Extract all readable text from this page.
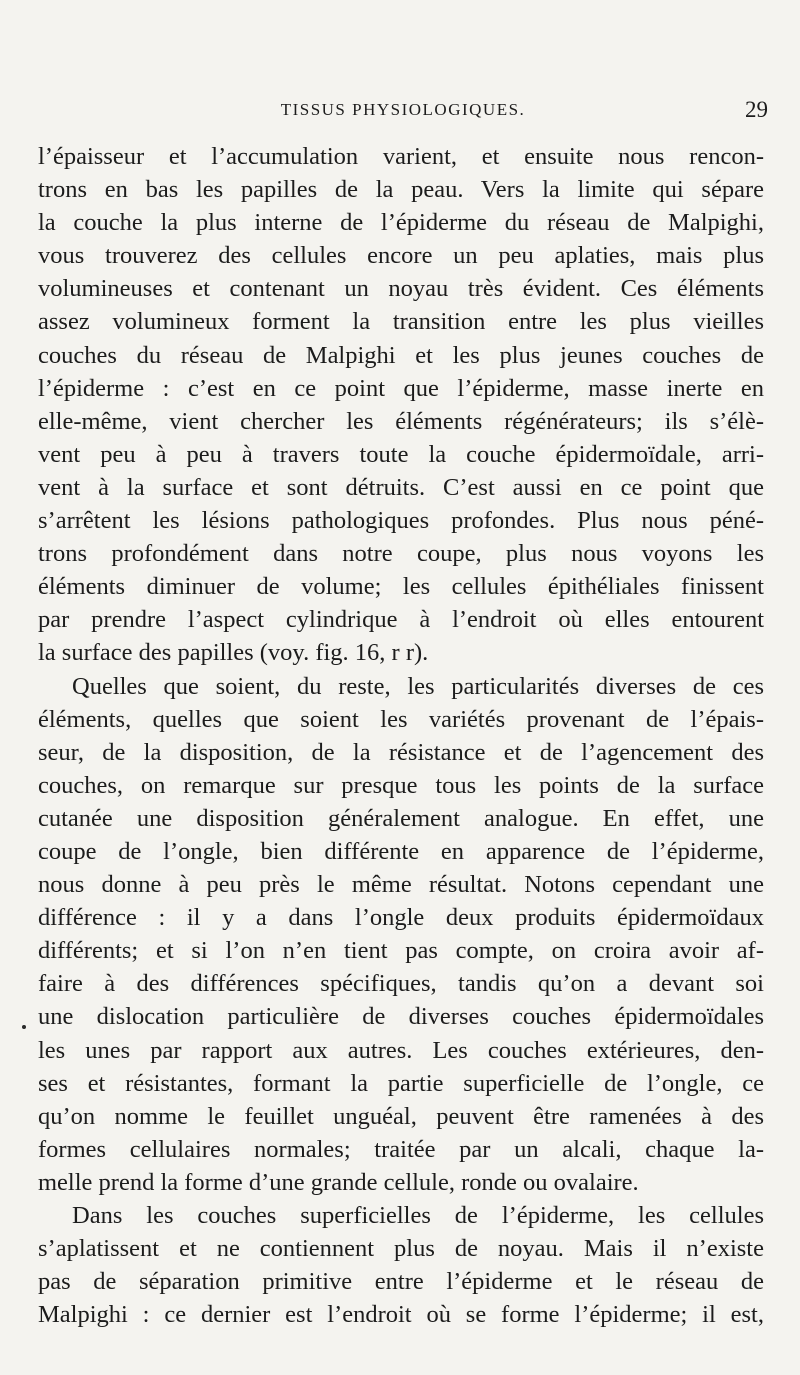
TISSUS PHYSIOLOGIQUES.	29
l’épaisseur et l’accumulation varient, et ensuite nous rencon-
trons en bas les papilles de la peau. Vers la limite qui sépare
la couche la plus interne de l’épiderme du réseau de Malpighi,
vous trouverez des cellules encore un peu aplaties, mais plus
volumineuses et contenant un noyau très évident. Ces éléments
assez volumineux forment la transition entre les plus vieilles
couches du réseau de Malpighi et les plus jeunes couches de
l’épiderme : c’est en ce point que l’épiderme, masse inerte en
elle-même, vient chercher les éléments régénérateurs; ils s’élè-
vent peu à peu à travers toute la couche épidermoïdale, arri-
vent à la surface et sont détruits. C’est aussi en ce point que
s’arrêtent les lésions pathologiques profondes. Plus nous péné-
trons profondément dans notre coupe, plus nous voyons les
éléments diminuer de volume; les cellules épithéliales finissent
par prendre l’aspect cylindrique à l’endroit où elles entourent
la surface des papilles (voy. fig. 16, r r).
Quelles que soient, du reste, les particularités diverses de ces
éléments, quelles que soient les variétés provenant de l’épais-
seur, de la disposition, de la résistance et de l’agencement des
couches, on remarque sur presque tous les points de la surface
cutanée une disposition généralement analogue. En effet, une
coupe de l’ongle, bien différente en apparence de l’épiderme,
nous donne à peu près le même résultat. Notons cependant une
différence : il y a dans l’ongle deux produits épidermoïdaux
différents; et si l’on n’en tient pas compte, on croira avoir af-
faire à des différences spécifiques, tandis qu’on a devant soi
une dislocation particulière de diverses couches épidermoïdales
les unes par rapport aux autres. Les couches extérieures, den-
ses et résistantes, formant la partie superficielle de l’ongle, ce
qu’on nomme le feuillet unguéal, peuvent être ramenées à des
formes cellulaires normales; traitée par un alcali, chaque la-
melle prend la forme d’une grande cellule, ronde ou ovalaire.
Dans les couches superficielles de l’épiderme, les cellules
s’aplatissent et ne contiennent plus de noyau. Mais il n’existe
pas de séparation primitive entre l’épiderme et le réseau de
Malpighi : ce dernier est l’endroit où se forme l’épiderme; il est,
